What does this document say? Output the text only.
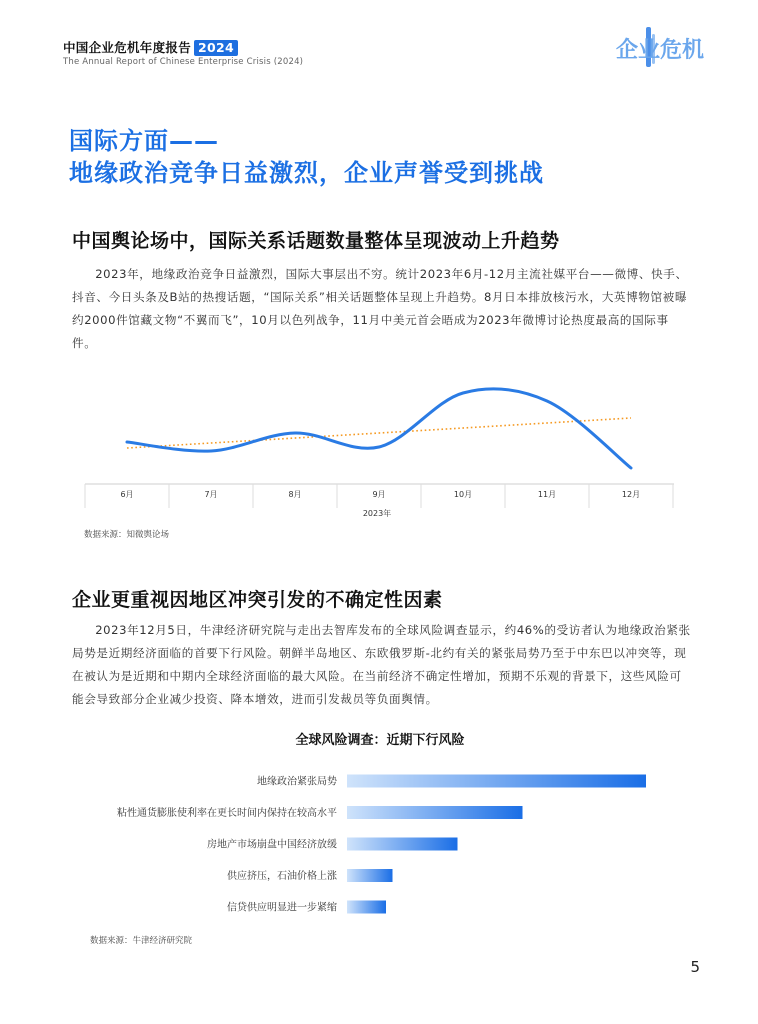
中国企业危机年度报告 2024
The Annual Report of Chinese Enterprise Crisis (2024)	企业危机
国际方面——
地缘政治竞争日益激烈，企业声誉受到挑战
中国舆论场中，国际关系话题数量整体呈现波动上升趋势

2023年，地缘政治竞争日益激烈，国际大事层出不穷。统计2023年6月-12月主流社媒平台——微博、快手、抖音、今日头条及B站的热搜话题，“国际关系”相关话题整体呈现上升趋势。8月日本排放核污水，大英博物馆被曝约2000件馆藏文物“不翼而飞”，10月以色列战争，11月中美元首会晤成为2023年微博讨论热度最高的国际事件。

6月	7月	8月	9月	10月	11月	12月
2023年
数据来源：知微舆论场
企业更重视因地区冲突引发的不确定性因素

2023年12月5日，牛津经济研究院与走出去智库发布的全球风险调查显示，约46%的受访者认为地缘政治紧张局势是近期经济面临的首要下行风险。朝鲜半岛地区、东欧俄罗斯-北约有关的紧张局势乃至于中东巴以冲突等，现在被认为是近期和中期内全球经济面临的最大风险。在当前经济不确定性增加，预期不乐观的背景下，这些风险可能会导致部分企业减少投资、降本增效，进而引发裁员等负面舆情。

全球风险调查：近期下行风险
地缘政治紧张局势
粘性通货膨胀使利率在更长时间内保持在较高水平
房地产市场崩盘中国经济放缓
供应挤压，石油价格上涨
信贷供应明显进一步紧缩
数据来源：牛津经济研究院
5
